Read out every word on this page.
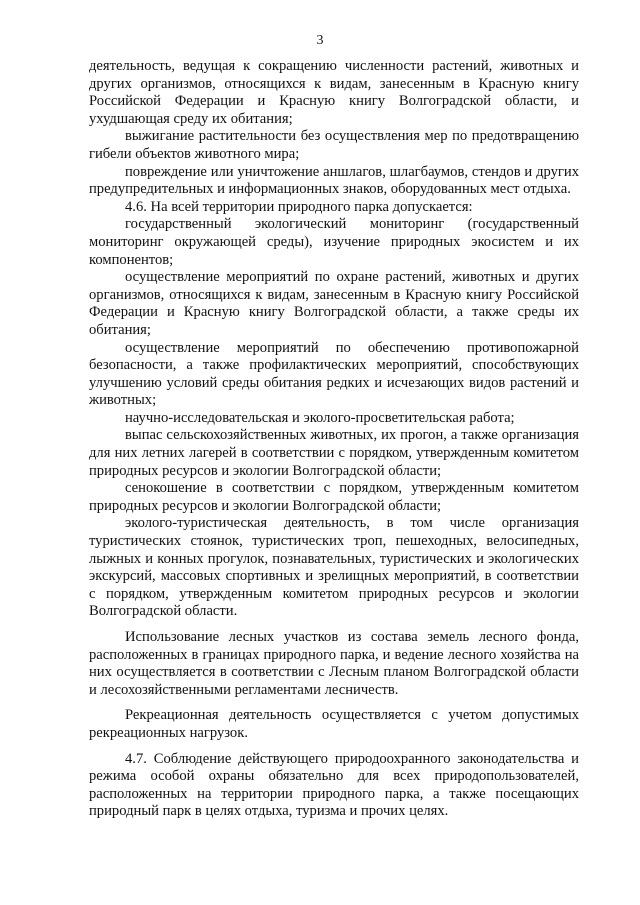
3

деятельность, ведущая к сокращению численности растений, животных и других организмов, относящихся к видам, занесенным в Красную книгу Российской Федерации и Красную книгу Волгоградской области, и ухудшающая среду их обитания;

выжигание растительности без осуществления мер по предотвращению гибели объектов животного мира;

повреждение или уничтожение аншлагов, шлагбаумов, стендов и других предупредительных и информационных знаков, оборудованных мест отдыха.

4.6. На всей территории природного парка допускается:

государственный экологический мониторинг (государственный мониторинг окружающей среды), изучение природных экосистем и их компонентов;

осуществление мероприятий по охране растений, животных и других организмов, относящихся к видам, занесенным в Красную книгу Российской Федерации и Красную книгу Волгоградской области, а также среды их обитания;

осуществление мероприятий по обеспечению противопожарной безопасности, а также профилактических мероприятий, способствующих улучшению условий среды обитания редких и исчезающих видов растений и животных;

научно-исследовательская и эколого-просветительская работа;

выпас сельскохозяйственных животных, их прогон, а также организация для них летних лагерей в соответствии с порядком, утвержденным комитетом природных ресурсов и экологии Волгоградской области;

сенокошение в соответствии с порядком, утвержденным комитетом природных ресурсов и экологии Волгоградской области;

эколого-туристическая деятельность, в том числе организация туристических стоянок, туристических троп, пешеходных, велосипедных, лыжных и конных прогулок, познавательных, туристических и экологических экскурсий, массовых спортивных и зрелищных мероприятий, в соответствии с порядком, утвержденным комитетом природных ресурсов и экологии Волгоградской области.

Использование лесных участков из состава земель лесного фонда, расположенных в границах природного парка, и ведение лесного хозяйства на них осуществляется в соответствии с Лесным планом Волгоградской области и лесохозяйственными регламентами лесничеств.

Рекреационная деятельность осуществляется с учетом допустимых рекреационных нагрузок.

4.7. Соблюдение действующего природоохранного законодательства и режима особой охраны обязательно для всех природопользователей, расположенных на территории природного парка, а также посещающих природный парк в целях отдыха, туризма и прочих целях.
